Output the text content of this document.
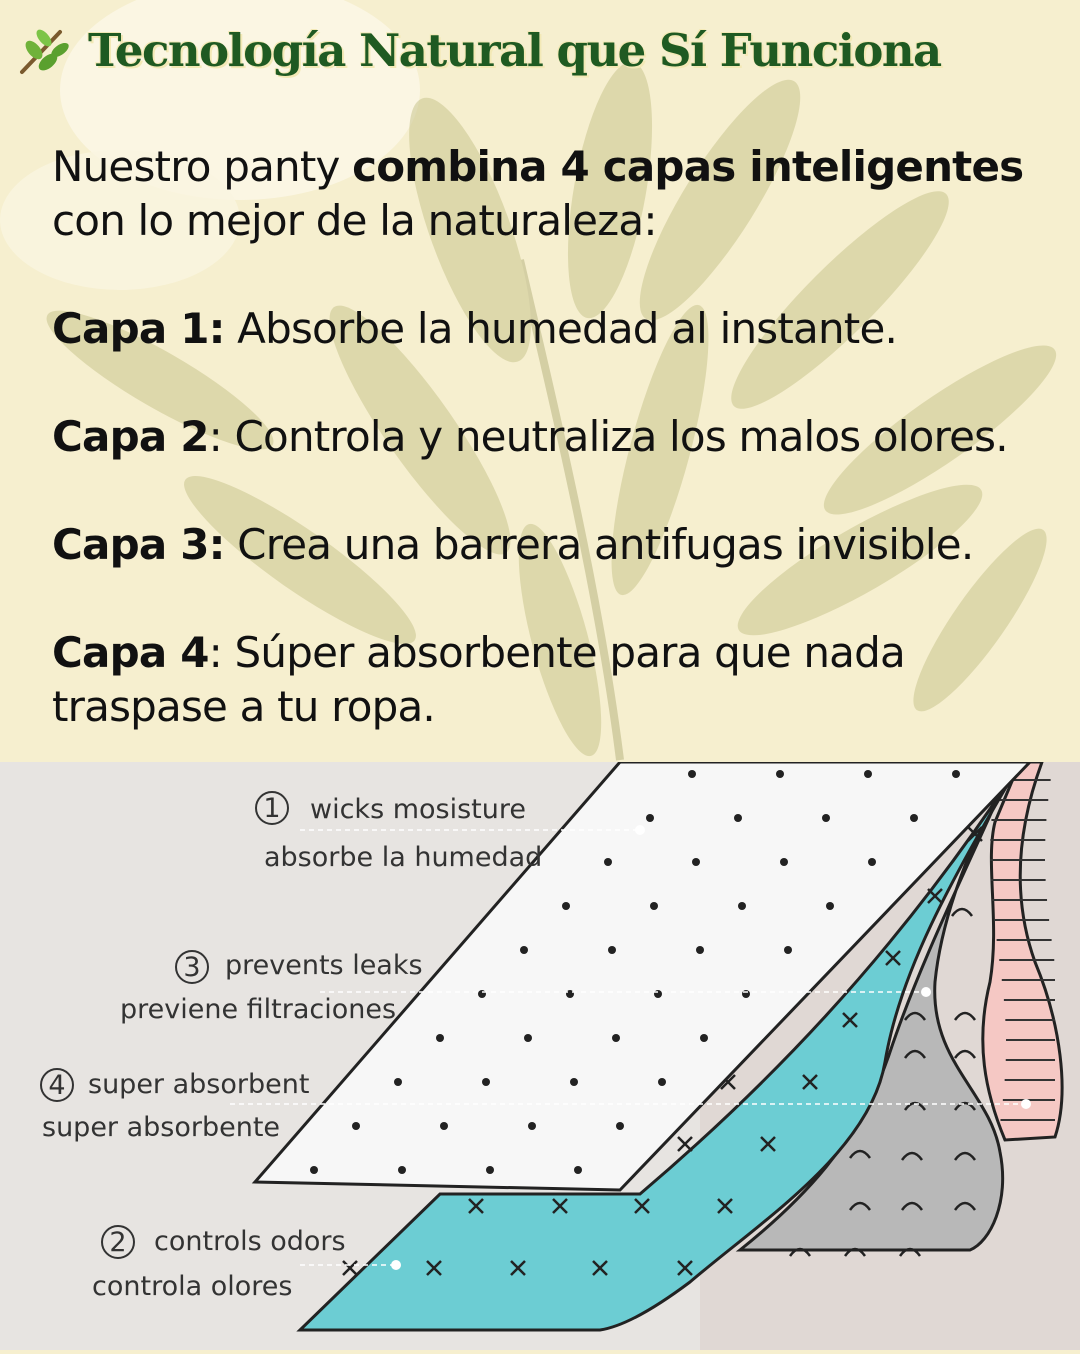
Tecnología Natural que Sí Funciona
Nuestro panty combina 4 capas inteligentes con lo mejor de la naturaleza:
Capa 1: Absorbe la humedad al instante.
Capa 2: Controla y neutraliza los malos olores.
Capa 3: Crea una barrera antifugas invisible.
Capa 4: Súper absorbente para que nada traspase a tu ropa.
1 wicks mosisture
absorbe la humedad
3 prevents leaks
previene filtraciones
4 super absorbent
super absorbente
2 controls odors
controla olores
